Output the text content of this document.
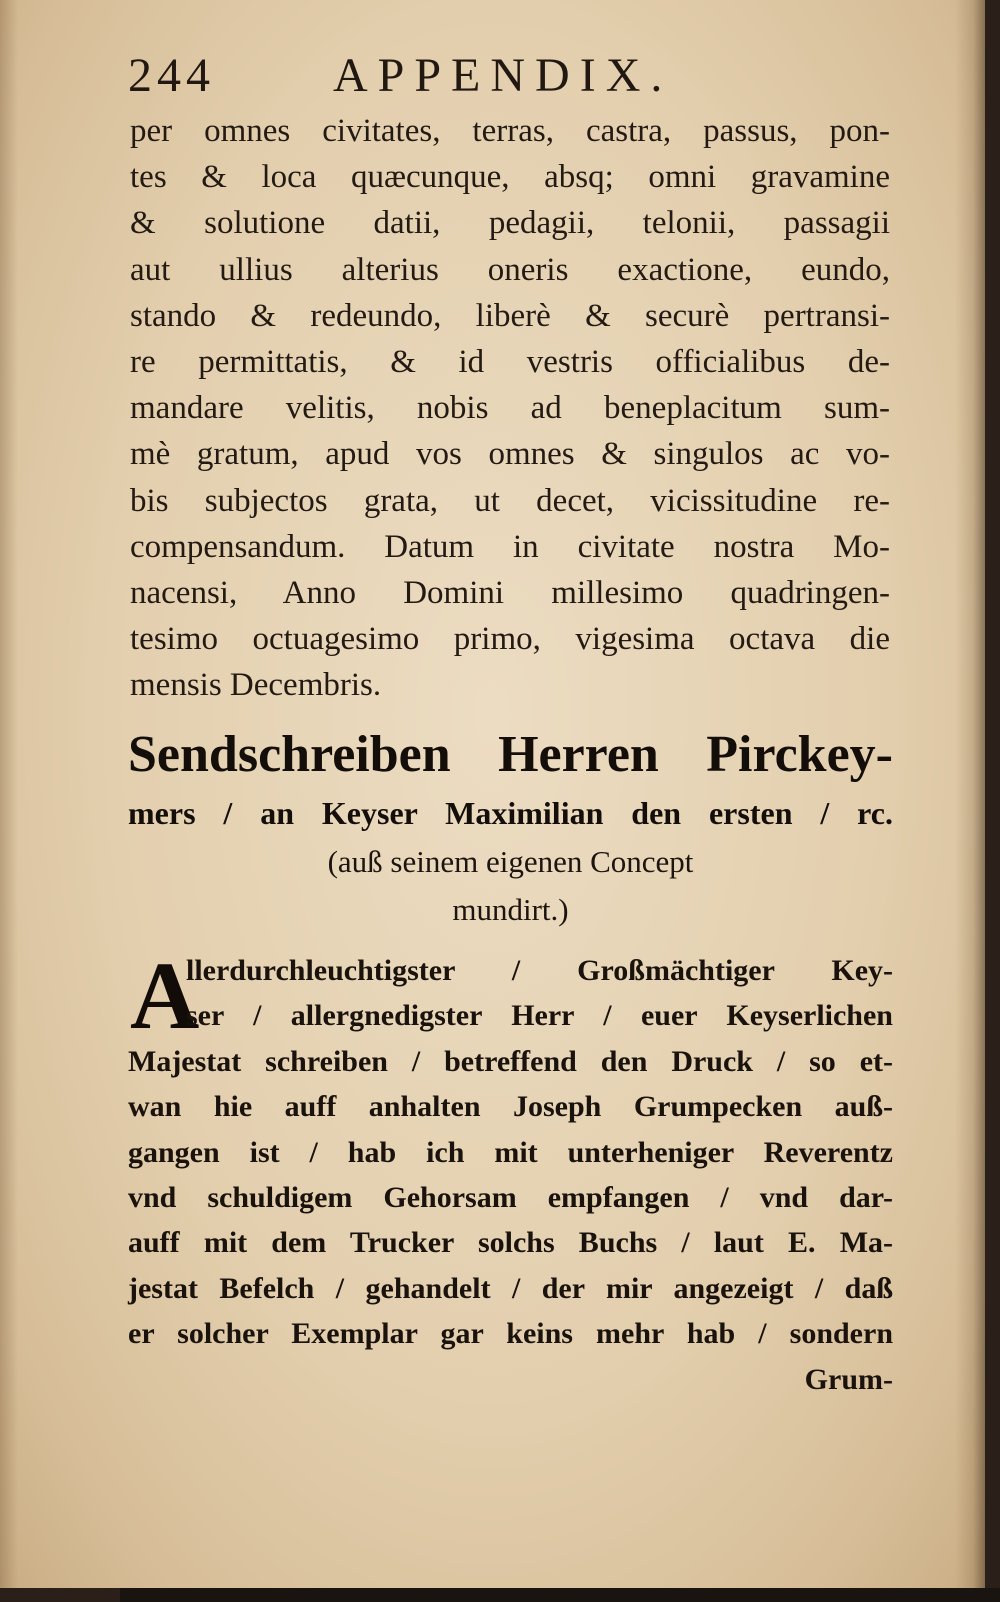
244 APPENDIX.
per omnes civitates, terras, castra, passus, pon-
tes & loca quæcunque, absq; omni gravamine
& solutione datii, pedagii, telonii, passagii
aut ullius alterius oneris exactione, eundo,
stando & redeundo, liberè & securè pertransi-
re permittatis, & id vestris officialibus de-
mandare velitis, nobis ad beneplacitum sum-
mè gratum, apud vos omnes & singulos ac vo-
bis subjectos grata, ut decet, vicissitudine re-
compensandum. Datum in civitate nostra Mo-
nacensi, Anno Domini millesimo quadringen-
tesimo octuagesimo primo, vigesima octava die
mensis Decembris.
Sendschreiben Herren Pirckey-
mers / an Keyser Maximilian den ersten / rc.
(auß seinem eigenen Concept
mundirt.)
A
llerdurchleuchtigster / Großmächtiger Key-
ser / allergnedigster Herr / euer Keyserlichen
Majestat schreiben / betreffend den Druck / so et-
wan hie auff anhalten Joseph Grumpecken auß-
gangen ist / hab ich mit unterheniger Reverentz
vnd schuldigem Gehorsam empfangen / vnd dar-
auff mit dem Trucker solchs Buchs / laut E. Ma-
jestat Befelch / gehandelt / der mir angezeigt / daß
er solcher Exemplar gar keins mehr hab / sondern
Grum-
